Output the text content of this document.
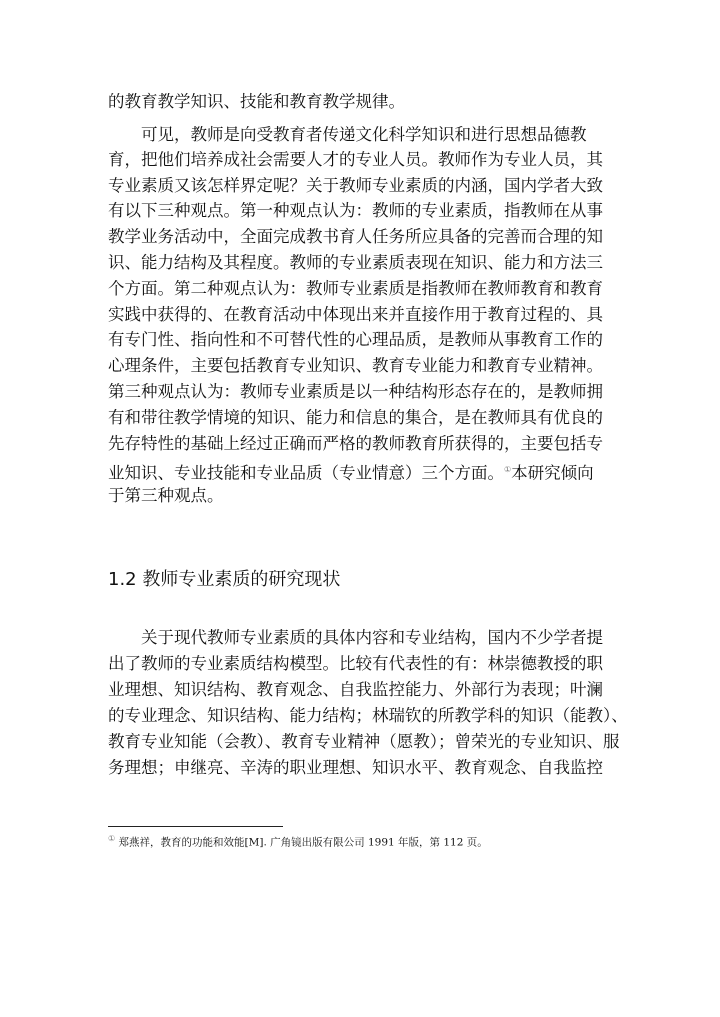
的教育教学知识、技能和教育教学规律。
可见，教师是向受教育者传递文化科学知识和进行思想品德教
育，把他们培养成社会需要人才的专业人员。教师作为专业人员，其
专业素质又该怎样界定呢？关于教师专业素质的内涵，国内学者大致
有以下三种观点。第一种观点认为：教师的专业素质，指教师在从事
教学业务活动中，全面完成教书育人任务所应具备的完善而合理的知
识、能力结构及其程度。教师的专业素质表现在知识、能力和方法三
个方面。第二种观点认为：教师专业素质是指教师在教师教育和教育
实践中获得的、在教育活动中体现出来并直接作用于教育过程的、具
有专门性、指向性和不可替代性的心理品质，是教师从事教育工作的
心理条件，主要包括教育专业知识、教育专业能力和教育专业精神。
第三种观点认为：教师专业素质是以一种结构形态存在的，是教师拥
有和带往教学情境的知识、能力和信息的集合，是在教师具有优良的
先存特性的基础上经过正确而严格的教师教育所获得的，主要包括专
业知识、专业技能和专业品质（专业情意）三个方面。①本研究倾向
于第三种观点。
1.2 教师专业素质的研究现状
关于现代教师专业素质的具体内容和专业结构，国内不少学者提
出了教师的专业素质结构模型。比较有代表性的有：林崇德教授的职
业理想、知识结构、教育观念、自我监控能力、外部行为表现；叶澜
的专业理念、知识结构、能力结构；林瑞钦的所教学科的知识（能教）、
教育专业知能（会教）、教育专业精神（愿教）；曾荣光的专业知识、服
务理想；申继亮、辛涛的职业理想、知识水平、教育观念、自我监控
① 郑燕祥，教育的功能和效能[M]. 广角镜出版有限公司 1991 年版，第 112 页。
